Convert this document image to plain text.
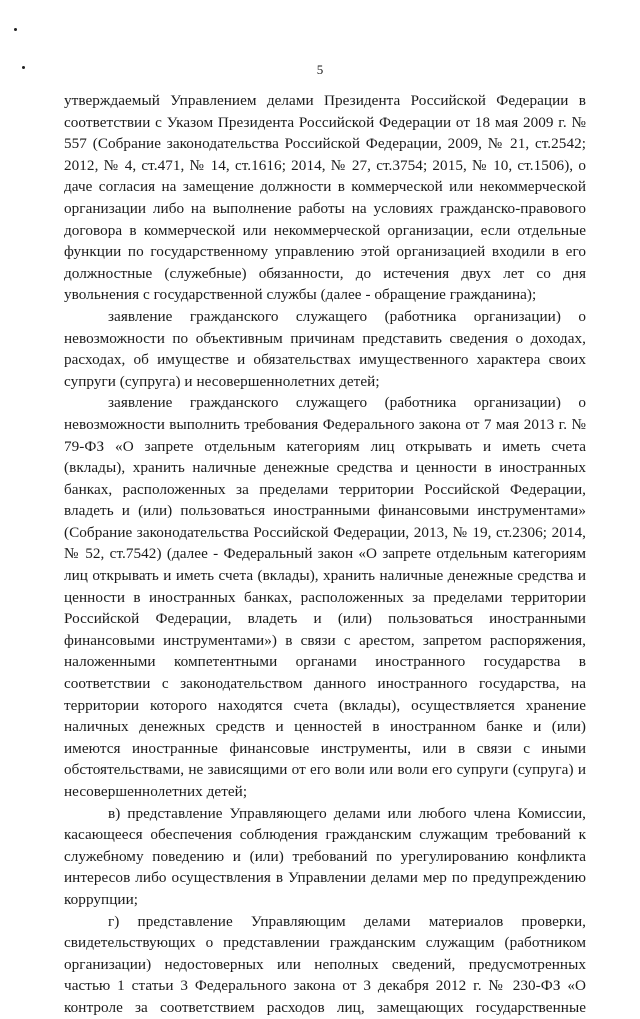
5

утверждаемый Управлением делами Президента Российской Федерации в соответствии с Указом Президента Российской Федерации от 18 мая 2009 г. № 557 (Собрание законодательства Российской Федерации, 2009, № 21, ст.2542; 2012, № 4, ст.471, № 14, ст.1616; 2014, № 27, ст.3754; 2015, № 10, ст.1506), о даче согласия на замещение должности в коммерческой или некоммерческой организации либо на выполнение работы на условиях гражданско-правового договора в коммерческой или некоммерческой организации, если отдельные функции по государственному управлению этой организацией входили в его должностные (служебные) обязанности, до истечения двух лет со дня увольнения с государственной службы (далее - обращение гражданина);

заявление гражданского служащего (работника организации) о невозможности по объективным причинам представить сведения о доходах, расходах, об имуществе и обязательствах имущественного характера своих супруги (супруга) и несовершеннолетних детей;

заявление гражданского служащего (работника организации) о невозможности выполнить требования Федерального закона от 7 мая 2013 г. № 79-ФЗ «О запрете отдельным категориям лиц открывать и иметь счета (вклады), хранить наличные денежные средства и ценности в иностранных банках, расположенных за пределами территории Российской Федерации, владеть и (или) пользоваться иностранными финансовыми инструментами» (Собрание законодательства Российской Федерации, 2013, № 19, ст.2306; 2014, № 52, ст.7542) (далее - Федеральный закон «О запрете отдельным категориям лиц открывать и иметь счета (вклады), хранить наличные денежные средства и ценности в иностранных банках, расположенных за пределами территории Российской Федерации, владеть и (или) пользоваться иностранными финансовыми инструментами») в связи с арестом, запретом распоряжения, наложенными компетентными органами иностранного государства в соответствии с законодательством данного иностранного государства, на территории которого находятся счета (вклады), осуществляется хранение наличных денежных средств и ценностей в иностранном банке и (или) имеются иностранные финансовые инструменты, или в связи с иными обстоятельствами, не зависящими от его воли или воли его супруги (супруга) и несовершеннолетних детей;

в) представление Управляющего делами или любого члена Комиссии, касающееся обеспечения соблюдения гражданским служащим требований к служебному поведению и (или) требований по урегулированию конфликта интересов либо осуществления в Управлении делами мер по предупреждению коррупции;

г) представление Управляющим делами материалов проверки, свидетельствующих о представлении гражданским служащим (работником организации) недостоверных или неполных сведений, предусмотренных частью 1 статьи 3 Федерального закона от 3 декабря 2012 г. № 230-ФЗ «О контроле за соответствием расходов лиц, замещающих государственные
